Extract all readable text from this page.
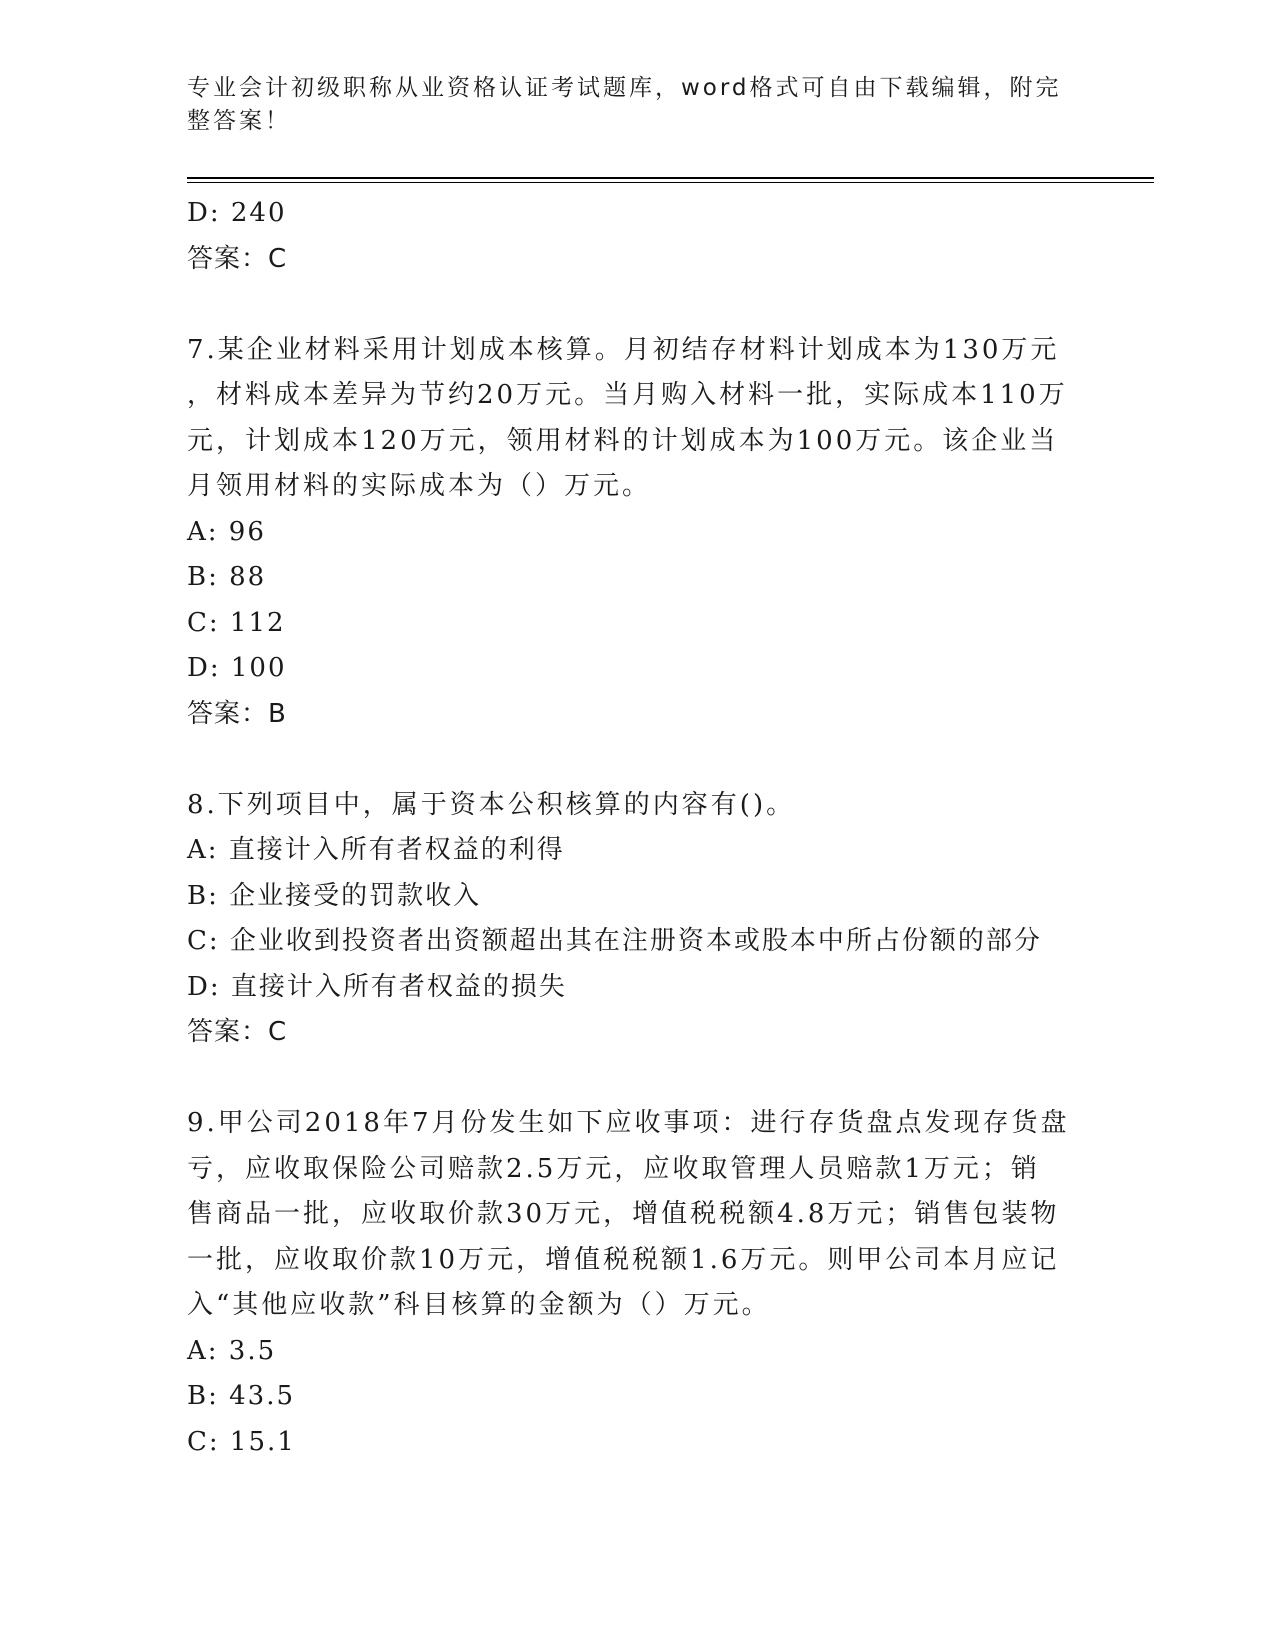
专业会计初级职称从业资格认证考试题库，word格式可自由下载编辑，附完整答案！
D: 240
答案：C
7.某企业材料采用计划成本核算。月初结存材料计划成本为130万元
，材料成本差异为节约20万元。当月购入材料一批，实际成本110万
元，计划成本120万元，领用材料的计划成本为100万元。该企业当
月领用材料的实际成本为（）万元。
A: 96
B: 88
C: 112
D: 100
答案：B
8.下列项目中，属于资本公积核算的内容有()。
A: 直接计入所有者权益的利得
B: 企业接受的罚款收入
C: 企业收到投资者出资额超出其在注册资本或股本中所占份额的部分
D: 直接计入所有者权益的损失
答案：C
9.甲公司2018年7月份发生如下应收事项：进行存货盘点发现存货盘
亏，应收取保险公司赔款2.5万元，应收取管理人员赔款1万元；销
售商品一批，应收取价款30万元，增值税税额4.8万元；销售包装物
一批，应收取价款10万元，增值税税额1.6万元。则甲公司本月应记
入“其他应收款”科目核算的金额为（）万元。
A: 3.5
B: 43.5
C: 15.1
